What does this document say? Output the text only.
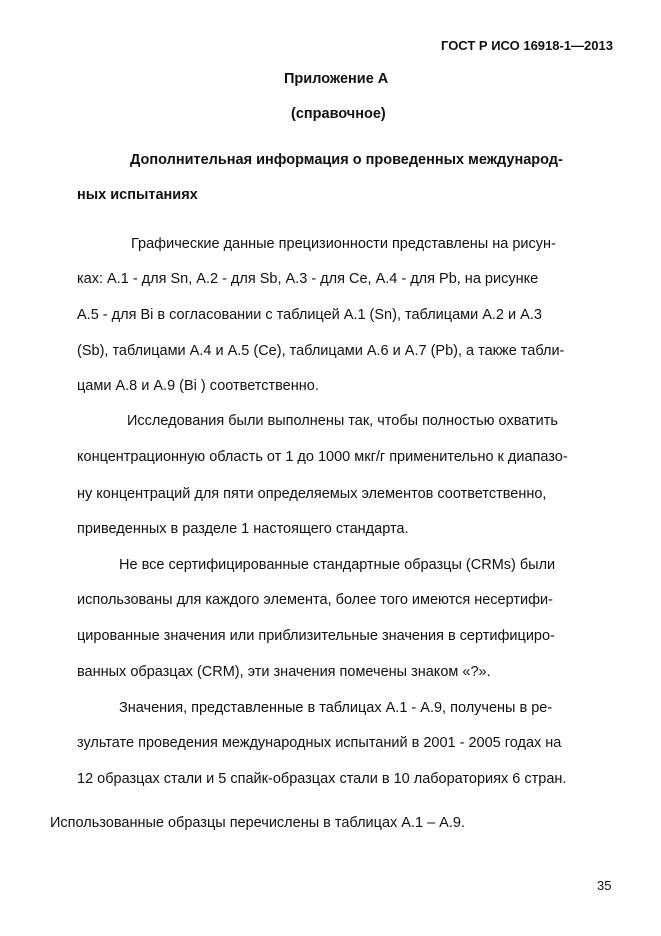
ГОСТ Р ИСО 16918-1—2013
Приложение А
(справочное)
Дополнительная информация о проведенных международ-
ных испытаниях
Графические данные прецизионности представлены на рисун-
ках: А.1 - для Sn, А.2 - для Sb, А.3 - для Ce, А.4 - для Pb, на рисунке
А.5 - для Bi в согласовании с таблицей А.1 (Sn), таблицами А.2 и А.3
(Sb), таблицами А.4 и А.5 (Се), таблицами А.6 и А.7 (Pb), а также табли-
цами А.8 и А.9 (Bi ) соответственно.
Исследования были выполнены так, чтобы полностью охватить
концентрационную область от 1 до 1000 мкг/г применительно к диапазо-
ну концентраций для пяти определяемых элементов соответственно,
приведенных в разделе 1 настоящего стандарта.
Не все сертифицированные стандартные образцы (CRMs) были
использованы для каждого элемента, более того имеются несертифи-
цированные значения или приблизительные значения в сертифициро-
ванных образцах (CRM), эти значения помечены знаком «?».
Значения, представленные в таблицах А.1 - А.9, получены в ре-
зультате проведения международных испытаний в 2001 - 2005 годах на
12 образцах стали и 5 спайк-образцах стали в 10 лабораториях 6 стран.
Использованные образцы перечислены в таблицах А.1 – А.9.
35
